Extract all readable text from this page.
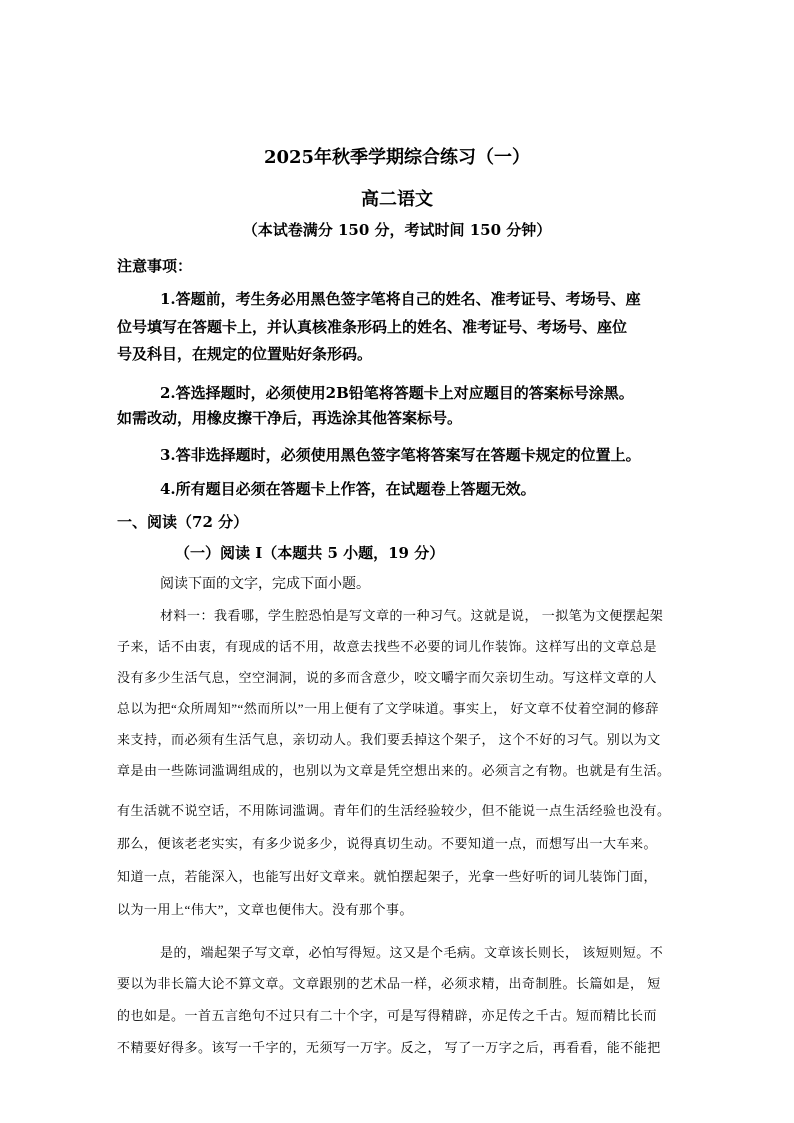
2025年秋季学期综合练习（一）
高二语文
（本试卷满分 150 分，考试时间 150 分钟）
注意事项：
1.答题前，考生务必用黑色签字笔将自己的姓名、准考证号、考场号、座
位号填写在答题卡上，并认真核准条形码上的姓名、准考证号、考场号、座位
号及科目，在规定的位置贴好条形码。
2.答选择题时，必须使用2B铅笔将答题卡上对应题目的答案标号涂黑。
如需改动，用橡皮擦干净后，再选涂其他答案标号。
3.答非选择题时，必须使用黑色签字笔将答案写在答题卡规定的位置上。
4.所有题目必须在答题卡上作答，在试题卷上答题无效。
一、阅读（72 分）
（一）阅读 I（本题共 5 小题，19 分）
阅读下面的文字，完成下面小题。
材料一：我看哪，学生腔恐怕是写文章的一种习气。这就是说， 一拟笔为文便摆起架
子来，话不由衷，有现成的话不用，故意去找些不必要的词儿作装饰。这样写出的文章总是
没有多少生活气息，空空洞洞，说的多而含意少，咬文嚼字而欠亲切生动。写这样文章的人
总以为把“众所周知”“然而所以”一用上便有了文学味道。事实上， 好文章不仗着空洞的修辞
来支持，而必须有生活气息，亲切动人。我们要丢掉这个架子， 这个不好的习气。别以为文
章是由一些陈词滥调组成的，也别以为文章是凭空想出来的。必须言之有物。也就是有生活。
有生活就不说空话，不用陈词滥调。青年们的生活经验较少，但不能说一点生活经验也没有。
那么，便该老老实实，有多少说多少，说得真切生动。不要知道一点，而想写出一大车来。
知道一点，若能深入，也能写出好文章来。就怕摆起架子，光拿一些好听的词儿装饰门面，
以为一用上“伟大”，文章也便伟大。没有那个事。
是的，端起架子写文章，必怕写得短。这又是个毛病。文章该长则长， 该短则短。不
要以为非长篇大论不算文章。文章跟别的艺术品一样，必须求精，出奇制胜。长篇如是， 短
的也如是。一首五言绝句不过只有二十个字，可是写得精辟，亦足传之千古。短而精比长而
不精要好得多。该写一千字的，无须写一万字。反之， 写了一万字之后，再看看，能不能把
